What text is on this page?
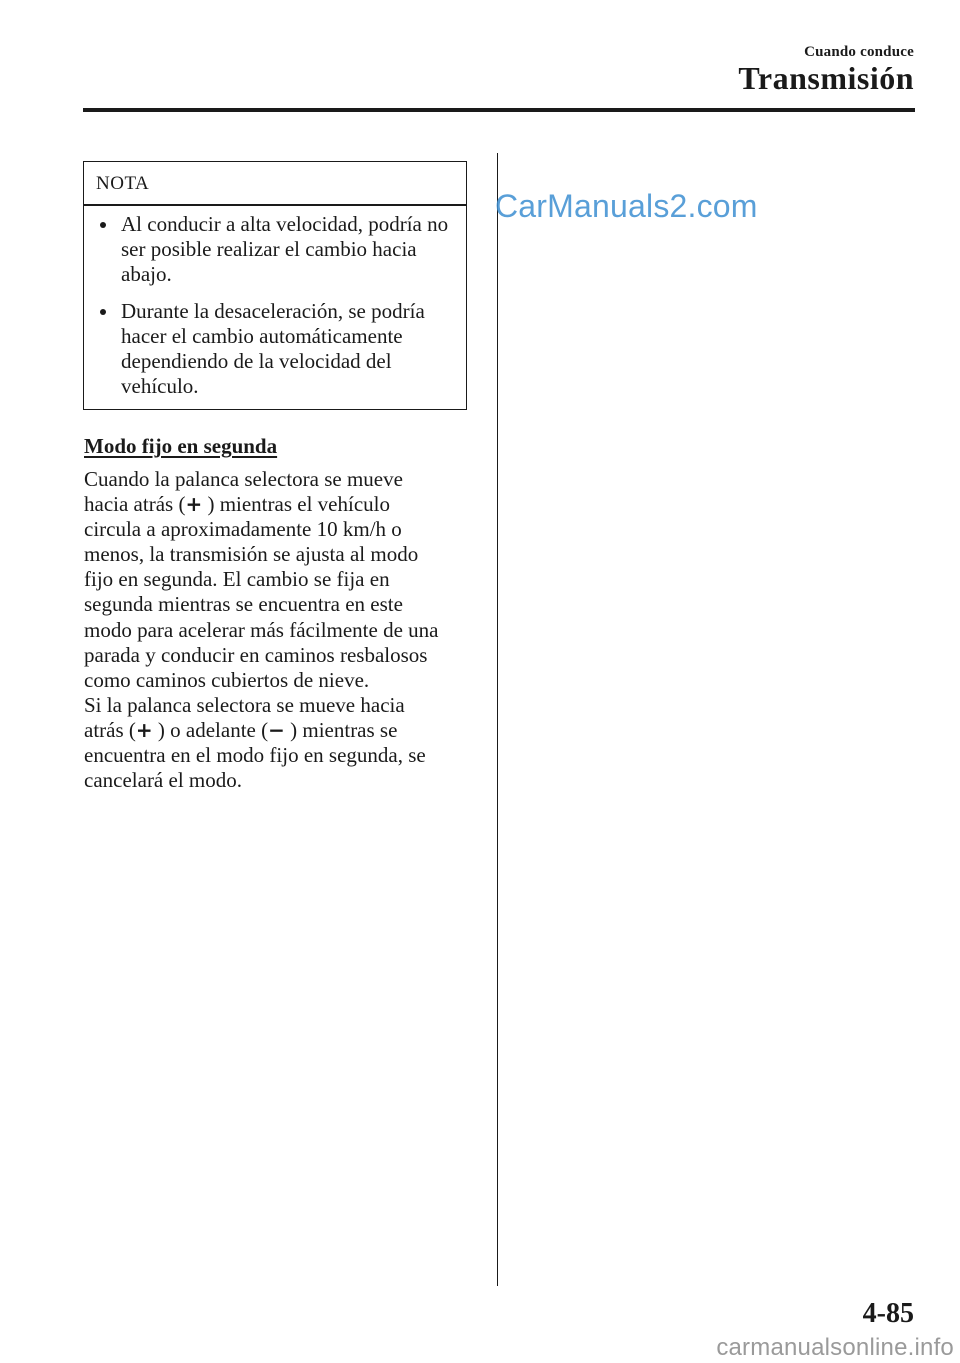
Cuando conduce
Transmisión
NOTA
Al conducir a alta velocidad, podría no ser posible realizar el cambio hacia abajo.
Durante la desaceleración, se podría hacer el cambio automáticamente dependiendo de la velocidad del vehículo.
Modo fijo en segunda
Cuando la palanca selectora se mueve
hacia atrás (+ ) mientras el vehículo
circula a aproximadamente 10 km/h o
menos, la transmisión se ajusta al modo
fijo en segunda. El cambio se fija en
segunda mientras se encuentra en este
modo para acelerar más fácilmente de una
parada y conducir en caminos resbalosos
como caminos cubiertos de nieve.
Si la palanca selectora se mueve hacia
atrás (+ ) o adelante (− ) mientras se
encuentra en el modo fijo en segunda, se
cancelará el modo.
CarManuals2.com
4-85
carmanualsonline.info
